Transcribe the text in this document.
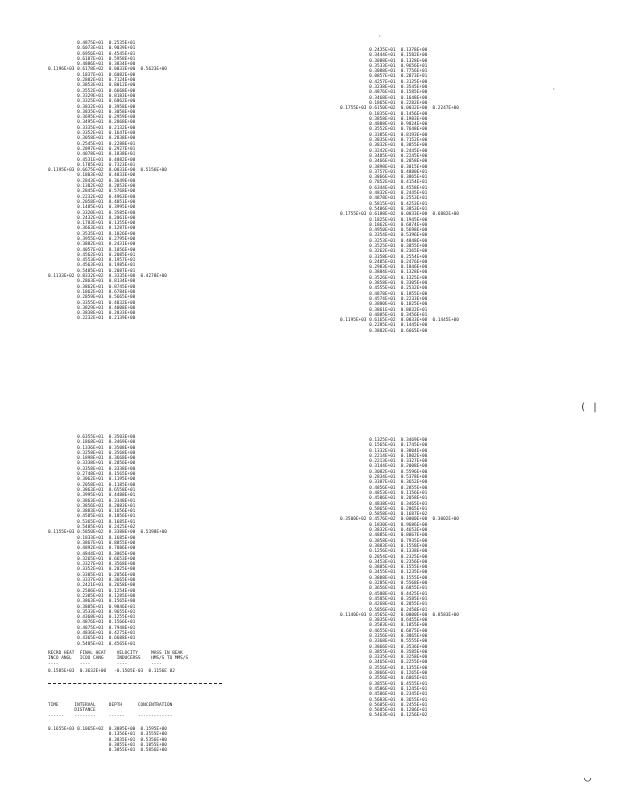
0.4875E+01  0.2535E+01
0.6073E+01  0.9039E+01
0.6956E+01  0.4545E+01
0.6187E+01  0.5958E+01
0.4886E+01  0.3834E+00
0.1196E+03 0.6178E+02  0.0033E+00  0.5623E+00
0.1837E+01  0.6082E+00
0.2882E+01  0.7124E+00
0.3853E+01  0.8012E+00
0.3552E+01  0.6668E+00
0.3329E+01  0.8183E+00
0.3325E+01  0.6862E+00
0.3832E+01  0.3958E+00
0.3835E+01  0.3058E+00
0.3695E+01  0.2959E+00
0.3495E+01  0.2868E+00
0.3335E+01  0.2132E+00
0.3352E+01  0.1647E+00
0.3058E+01  0.2838E+00
0.2545E+01  0.2288E+01
0.2097E+01  0.2927E+01
0.4078E+01  0.1838E+01
0.4531E+01  0.4882E+00
0.1785E+01  0.7323E+01
0.1195E+03 0.6675E+02  0.0033E+00  0.5156E+00
0.1803E+02  0.4833E+00
0.2843E+02  0.3649E+00
0.1382E+02  0.2853E+00
0.2845E+02  0.5768E+00
0.2232E+02  0.4963E+00
0.2058E+01  0.4051E+00
0.1485E+01  0.3995E+00
0.3320E+01  0.3585E+00
0.2432E+01  0.2061E+00
0.1783E+01  0.1355E+00
0.3663E+01  0.1287E+00
0.3535E+01  0.1026E+00
0.3955E+01  0.2795E+00
0.3882E+01  0.2431E+00
0.4057E+01  0.1856E+00
0.4562E+01  0.2085E+01
0.4553E+01  0.1957E+01
0.4563E+01  0.1985E+01
0.5485E+01  0.2087E+01
0.1133E+02 0.8332E+02  0.3335E+00  0.4278E+00
0.2863E+01  0.8134E+00
0.3862E+01  0.8745E+00
0.1862E+01  0.6784E+00
0.2859E+01  0.5665E+00
0.3355E+01  0.4832E+00
0.3829E+01  0.4008E+00
0.3838E+01  0.2833E+00
0.2232E+01  0.2139E+00
0.2435E+01  0.1378E+00
0.3444E+01  0.1582E+00
0.3088E+01  0.1328E+00
0.3533E+01  0.9656E+01
0.3088E+01  0.7756E+01
0.0857E+01  0.2873E+01
0.4257E+01  0.3125E+00
0.3238E+01  0.3545E+00
0.4876E+01  0.1585E+00
0.3468E+01  0.1648E+00
0.1865E+01  0.2282E+00
0.1755E+03 0.6150E+02  0.0032E+00  0.2247E+00
0.1835E+01  0.1456E+00
0.3858E+01  0.1983E+00
0.4888E+01  0.9824E+00
0.3552E+01  0.7648E+00
0.3385E+01  0.8193E+00
0.3835E+01  0.7152E+00
0.3832E+01  0.3855E+00
0.3242E+01  0.2445E+00
0.3485E+01  0.2245E+00
0.3466E+01  0.2058E+00
0.3898E+01  0.3015E+00
0.3757E+01  0.4880E+01
0.3866E+01  0.3865E+01
0.7852E+01  0.4154E+01
0.6344E+01  0.4558E+01
0.4832E+01  0.2445E+01
0.4878E+01  0.2553E+01
0.5815E+01  0.4253E+01
0.5486E+01  0.3853E+01
0.1755E+03 0.6188E+02  0.0033E+00  0.6882E+00
0.1825E+01  0.1945E+00
0.1862E+01  0.6874E+00
0.4950E+01  0.5698E+00
0.3354E+01  0.5396E+00
0.3253E+01  0.4848E+00
0.3525E+01  0.3855E+00
0.3262E+01  0.2365E+00
0.3358E+01  0.2554E+00
0.2485E+01  0.2476E+00
0.2983E+01  0.1846E+00
0.3884E+01  0.1328E+00
0.3526E+01  0.1325E+00
0.3858E+01  0.3305E+00
0.4555E+01  0.2532E+00
0.4878E+01  0.1855E+00
0.4574E+01  0.2233E+00
0.3880E+01  0.1825E+00
0.3861E+01  0.8832E+01
0.4885E+01  0.3456E+01
0.1195E+03 0.6165E+02  0.0033E+00  0.1445E+00
0.2285E+01  0.1445E+00
0.3882E+01  0.6665E+00
0.6355E+01  0.3503E+00
0.1868E+01  0.3469E+00
0.1336E+01  0.3508E+00
0.3258E+01  0.3568E+00
0.1898E+01  0.3668E+00
0.3338E+01  0.2856E+00
0.3358E+01  0.3338E+00
0.2748E+01  0.1565E+00
0.3062E+01  0.1195E+00
0.2058E+01  0.1185E+00
0.3863E+01  0.6558E+01
0.3995E+01  0.4488E+01
0.3863E+01  0.3348E+01
0.3856E+01  0.2883E+01
0.3883E+01  0.1656E+01
0.4585E+01  0.1856E+01
0.5365E+01  0.1685E+01
0.5485E+01  0.2425E+02
0.1155E+03 0.5850E+02  0.3388E+00  0.5398E+00
0.1833E+01  0.1685E+00
0.3867E+01  0.8855E+00
0.4892E+01  0.7886E+00
0.4844E+01  0.3865E+00
0.3265E+01  0.6653E+00
0.3327E+01  0.3568E+00
0.3352E+01  0.2825E+00
0.3385E+01  0.2856E+00
0.3337E+01  0.3665E+00
0.2421E+01  0.2658E+00
0.2586E+01  0.1254E+00
0.2385E+01  0.1285E+00
0.3863E+01  0.1565E+00
0.3885E+01  0.9846E+01
0.3533E+01  0.9655E+01
0.4368E+01  0.1255E+01
0.4876E+01  0.1566E+01
0.4875E+01  0.7948E+01
0.4836E+01  0.4275E+01
0.4365E+01  0.6688E+01
0.5485E+01  0.4565E+01
RECRD HEAT  FINAL HEAT    VELOCITY     MASS IN BEAK
INCO ANGL   ICOO CANG     INDUCERSS    HMS/S TO MMS/S
----        ----          ----         ----
0.1585E+03  0.3632E+00   -0.1505E-03  0.1156E 02
TIME      INTERVAL     DEPTH      CONCENTRATION
DISTANCE
------    --------     ------     -------------
0.1655E+03 0.1065E+02  0.3885E+00  0.1595E+00
0.1356E+01  0.3555E+00
0.3835E+01  0.5356E+00
0.3855E+01  0.1855E+00
0.3855E+01  0.5856E+00
0.1325E+01  0.3469E+00
0.1565E+01  0.1745E+00
0.1332E+01  0.3804E+00
0.2214E+01  0.1802E+00
0.2213E+01  0.3327E+00
0.3144E+01  0.2008E+00
0.3082E+01  0.5596E+00
0.2834E+01  0.5378E+00
0.3387E+01  0.3652E+00
0.4856E+01  0.2855E+00
0.4853E+01  0.1156E+01
0.4586E+01  0.2058E+01
0.4838E+01  0.3465E+01
0.5865E+01  0.2865E+01
0.5858E+01  0.1687E+02
0.3500E+02 0.4576E+02  0.0000E+00  0.3002E+00
0.1830E+01  0.9686E+00
0.3832E+01  0.4653E+00
0.4885E+01  0.8867E+00
0.3858E+01  0.7935E+00
0.3883E+01  0.1558E+00
0.1256E+01  0.1338E+00
0.2854E+01  0.2325E+00
0.3453E+01  0.2356E+00
0.3885E+01  0.1555E+00
0.3455E+01  0.1235E+00
0.3888E+01  0.1555E+00
0.3285E+01  0.5568E+00
0.3656E+01  0.6855E+01
0.4588E+01  0.4425E+01
0.4585E+01  0.3585E+01
0.4268E+01  0.2855E+01
0.5856E+01  0.2458E+01
0.1140E+03 0.4565E+02  0.0000E+00  0.8583E+00
0.3835E+01  0.6455E+00
0.3583E+01  0.1855E+00
0.4655E+01  0.6875E+00
0.3356E+01  0.3865E+00
0.3368E+01  0.5555E+00
0.3866E+01  0.3536E+00
0.3855E+01  0.3585E+00
0.3335E+01  0.3258E+00
0.3465E+01  0.2255E+00
0.3556E+01  0.1355E+00
0.3866E+01  0.1265E+00
0.3556E+01  0.6865E+01
0.3855E+01  0.4555E+01
0.4586E+01  0.1245E+01
0.4586E+01  0.2345E+01
0.5683E+01  0.3655E+01
0.5685E+01  0.2455E+01
0.5685E+01  0.1286E+01
0.5463E+01  0.1256E+02
( |
◡
·
·
